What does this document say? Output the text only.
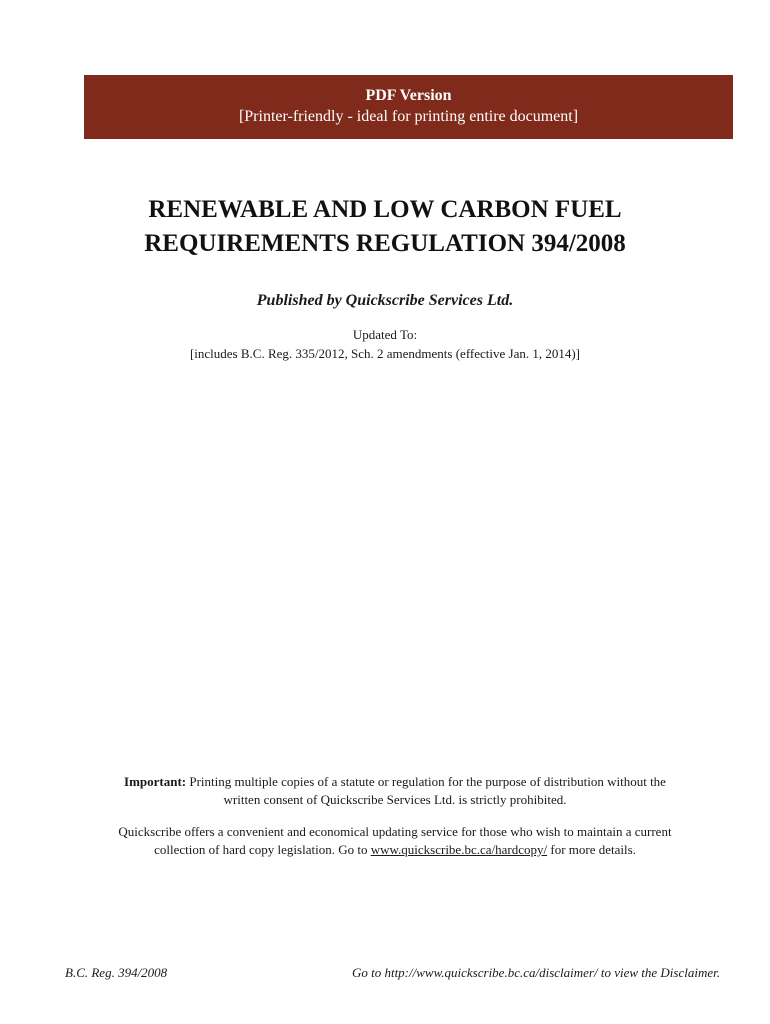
PDF Version
[Printer-friendly - ideal for printing entire document]
RENEWABLE AND LOW CARBON FUEL
REQUIREMENTS REGULATION 394/2008
Published by Quickscribe Services Ltd.
Updated To:
[includes B.C. Reg. 335/2012, Sch. 2 amendments (effective Jan. 1, 2014)]
Important: Printing multiple copies of a statute or regulation for the purpose of distribution without the
written consent of Quickscribe Services Ltd. is strictly prohibited.
Quickscribe offers a convenient and economical updating service for those who wish to maintain a current
collection of hard copy legislation. Go to www.quickscribe.bc.ca/hardcopy/ for more details.
B.C. Reg. 394/2008	Go to http://www.quickscribe.bc.ca/disclaimer/ to view the Disclaimer.
